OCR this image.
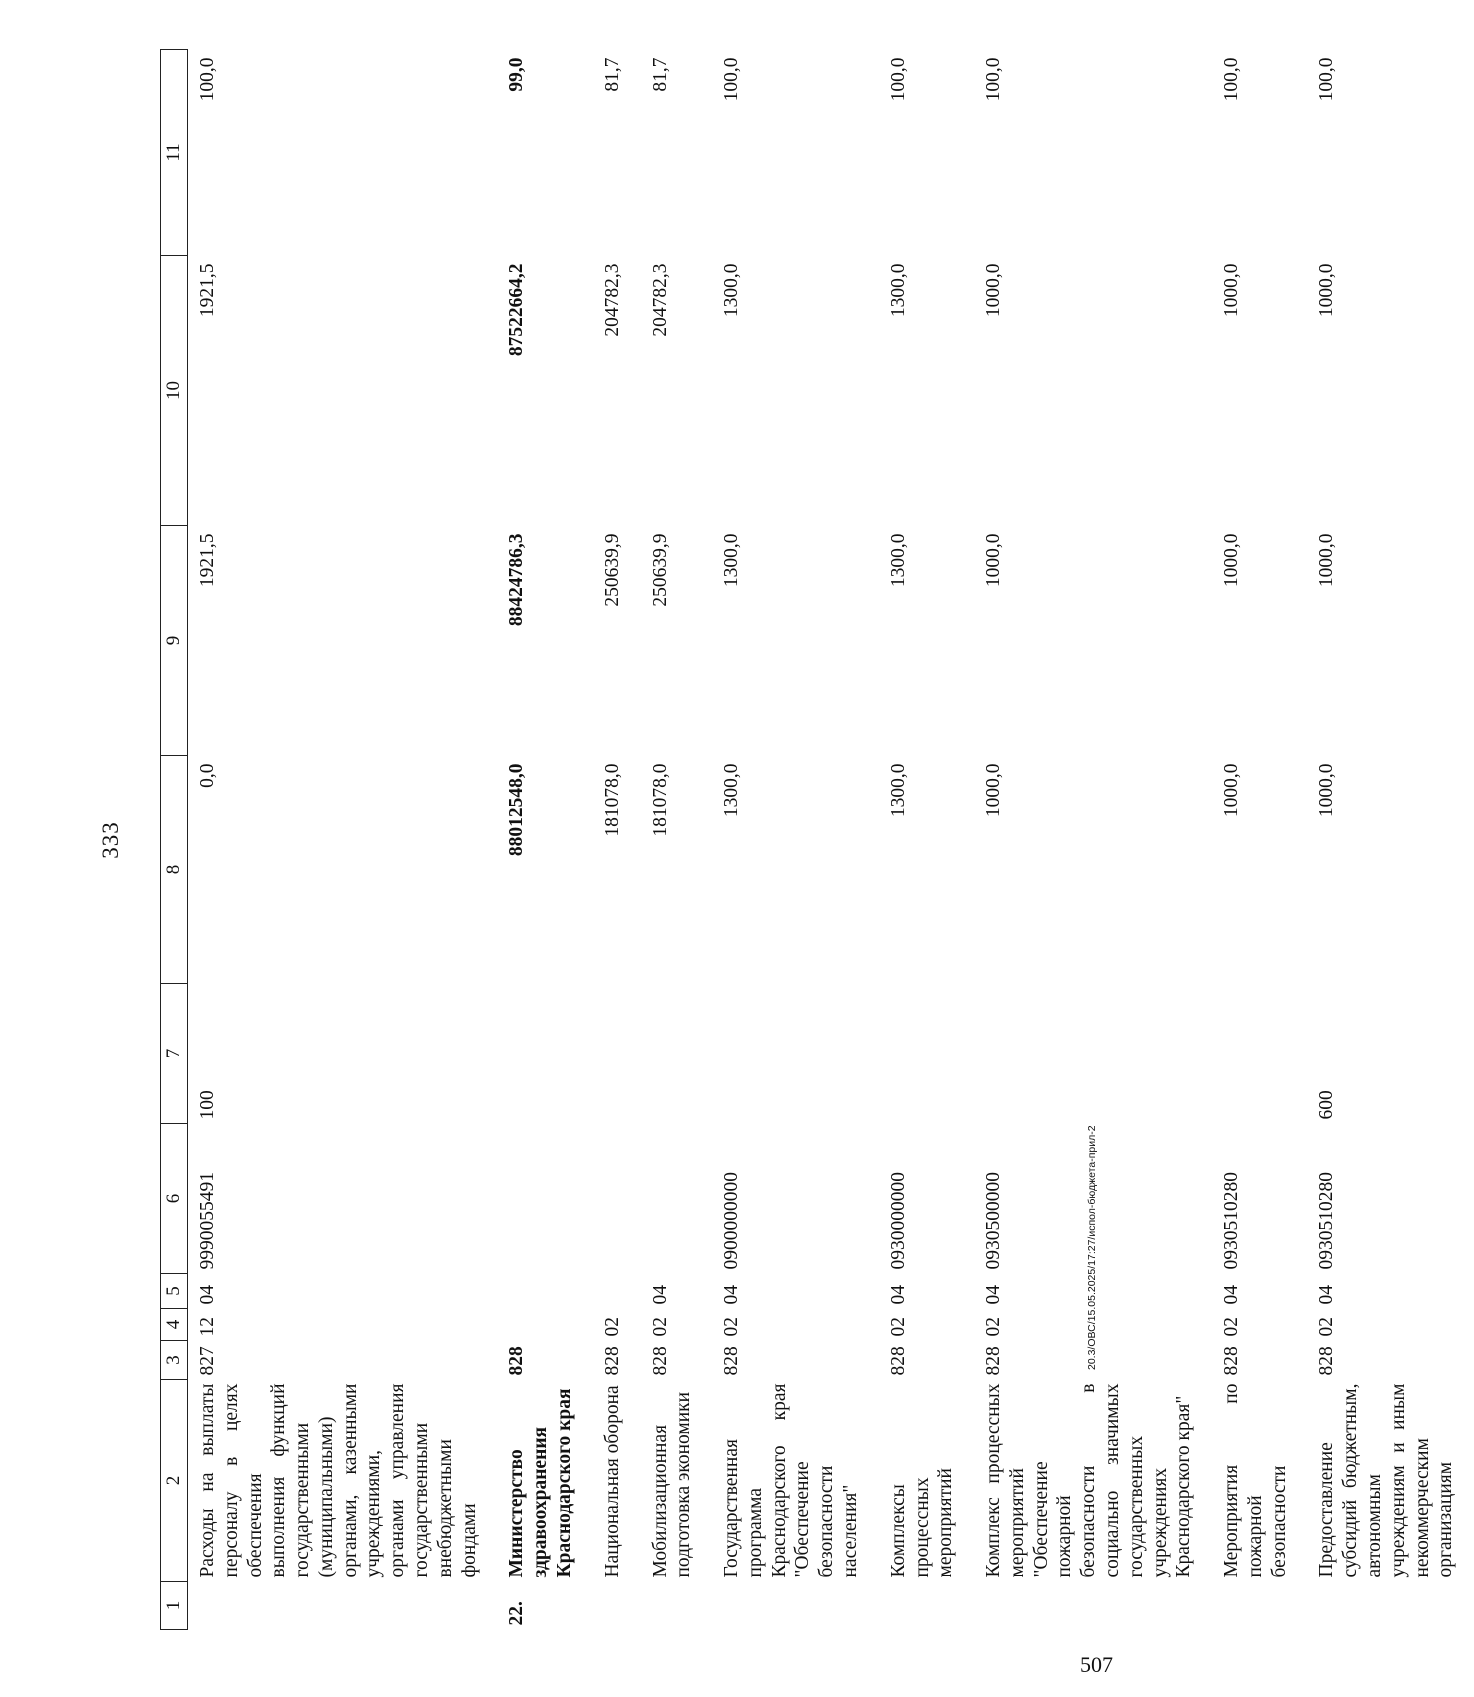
333
1	2	3	4	5	6	7	8	9	10	11
	Расходы на выплаты персоналу в целях обеспечения выполнения функций государственными (муниципальными) органами, казенными учреждениями, органами управления государственными внебюджетными фондами	827	12	04	9990055491	100	0,0	1921,5	1921,5	100,0
22.	Министерство здравоохранения Краснодарского края	828					88012548,0	88424786,3	87522664,2	99,0
	Национальная оборона	828	02				181078,0	250639,9	204782,3	81,7
	Мобилизационная подготовка экономики	828	02	04			181078,0	250639,9	204782,3	81,7
	Государственная программа Краснодарского края "Обеспечение безопасности населения"	828	02	04	0900000000		1300,0	1300,0	1300,0	100,0
	Комплексы процессных мероприятий	828	02	04	0930000000		1300,0	1300,0	1300,0	100,0
	Комплекс процессных мероприятий "Обеспечение пожарной безопасности в социально значимых государственных учреждениях Краснодарского края"	828	02	04	0930500000		1000,0	1000,0	1000,0	100,0
	Мероприятия по пожарной безопасности	828	02	04	0930510280		1000,0	1000,0	1000,0	100,0
	Предоставление субсидий бюджетным, автономным учреждениям и иным некоммерческим организациям	828	02	04	0930510280	600	1000,0	1000,0	1000,0	100,0
20.3/ОВС/15.05.2025/17:27/испол-бюджета-прил-2
507
